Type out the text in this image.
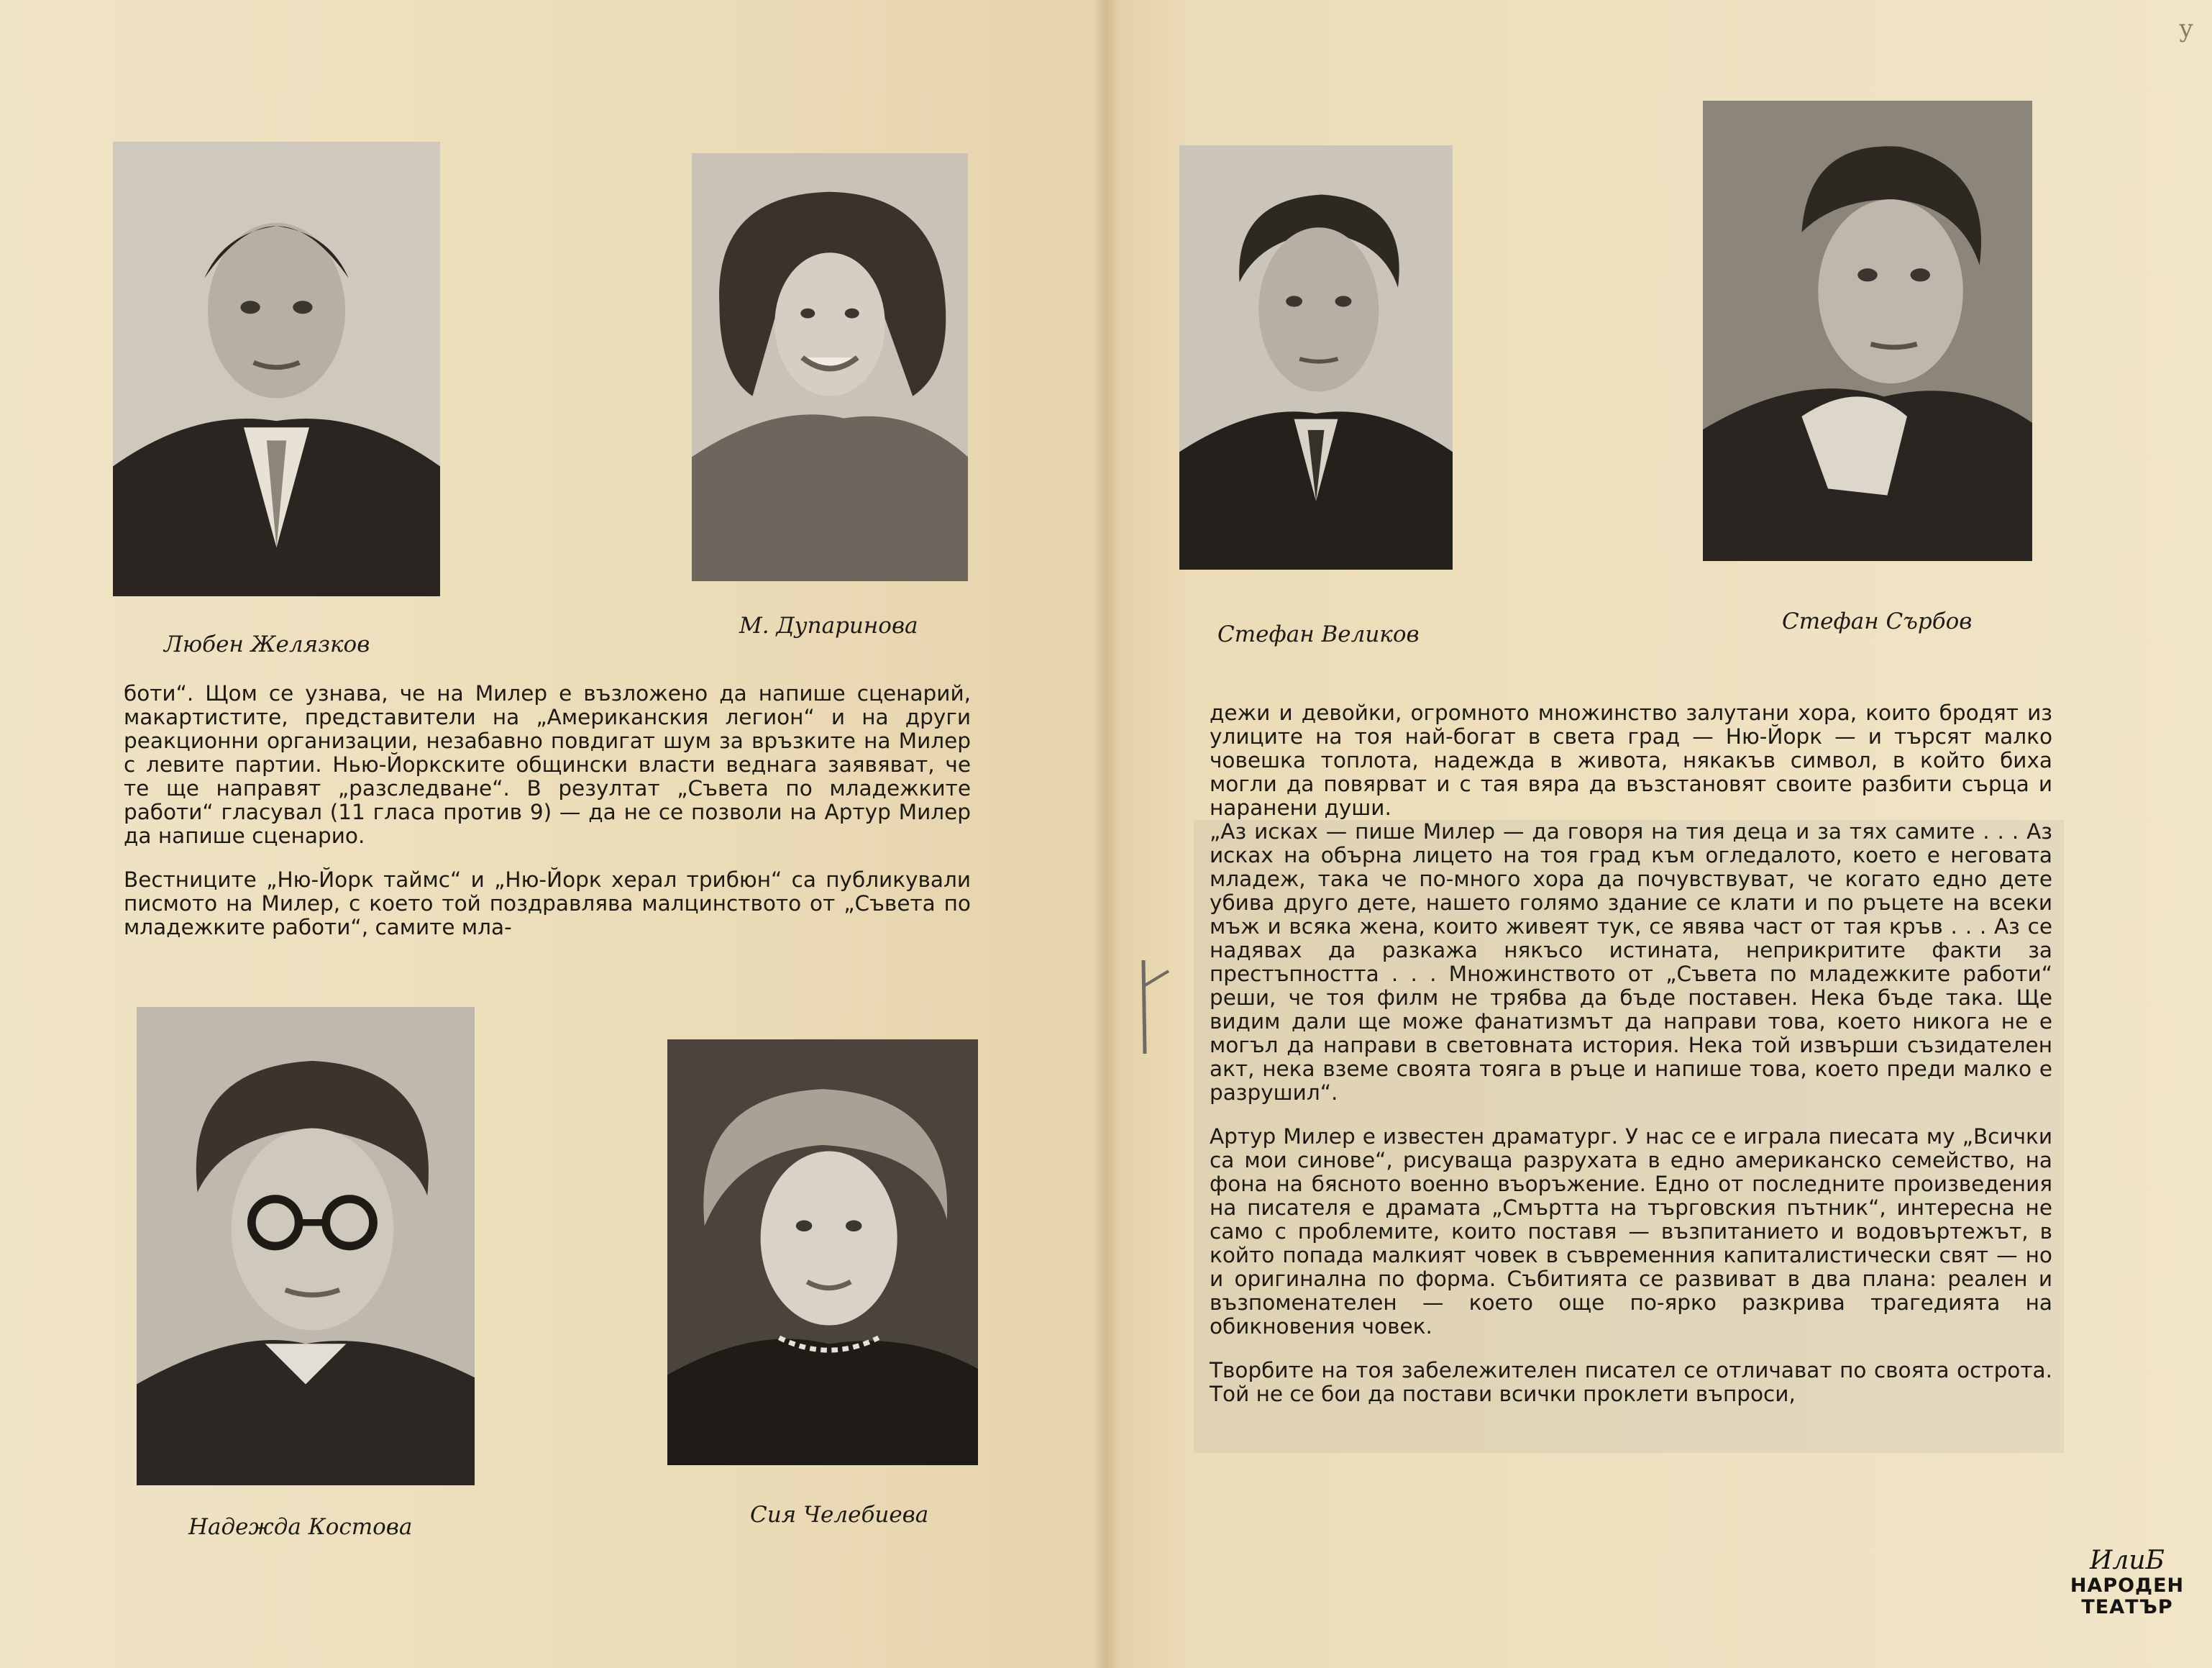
Любен Желязков
М. Дупаринова	Стефан Великов	Стефан Сърбов
Надежда Костова	Сия Челебиева

боти“. Щом се узнава, че на Милер е възложено да напише сценарий, макартистите, представители на „Американския легион“ и на други реакционни организации, незабавно повдигат шум за връзките на Милер с левите партии. Нью-Йоркските общински власти веднага заявяват, че те ще направят „разследване“. В резултат „Съвета по младежките работи“ гласувал (11 гласа против 9) — да не се позволи на Артур Милер да напише сценарио.

Вестниците „Ню-Йорк таймс“ и „Ню-Йорк херал трибюн“ са публикували писмото на Милер, с което той поздравлява малцинството от „Съвета по младежките работи“, самите мла-

дежи и девойки, огромното множинство залутани хора, които бродят из улиците на тоя най-богат в света град — Ню-Йорк — и търсят малко човешка топлота, надежда в живота, някакъв символ, в който биха могли да повярват и с тая вяра да възстановят своите разбити сърца и наранени души.

„Аз исках — пише Милер — да говоря на тия деца и за тях самите . . . Аз исках на обърна лицето на тоя град към огледалото, което е неговата младеж, така че по-много хора да почувствуват, че когато едно дете убива друго дете, нашето голямо здание се клати и по ръцете на всеки мъж и всяка жена, които живеят тук, се явява част от тая кръв . . . Аз се надявах да разкажа някъсо истината, неприкритите факти за престъпността . . . Множинството от „Съвета по младежките работи“ реши, че тоя филм не трябва да бъде поставен. Нека бъде така. Ще видим дали ще може фанатизмът да направи това, което никога не е могъл да направи в световната история. Нека той извърши съзидателен акт, нека вземе своята тояга в ръце и напише това, което преди малко е разрушил“.

Артур Милер е известен драматург. У нас се е играла пиесата му „Всички са мои синове“, рисуваща разрухата в едно американско семейство, на фона на бясното военно въоръжение. Едно от последните произведения на писателя е драмата „Смъртта на търговския пътник“, интересна не само с проблемите, които поставя — възпитанието и водовъртежът, в който попада малкият човек в съвременния капиталистически свят — но и оригинална по форма. Събитията се развиват в два плана: реален и възпоменателен — което още по-ярко разкрива трагедията на обикновения човек.

Творбите на тоя забележителен писател се отличават по своята острота. Той не се бои да постави всички проклети въпроси,

ИлиБ
НАРОДЕН
ТЕАТЪР
у
